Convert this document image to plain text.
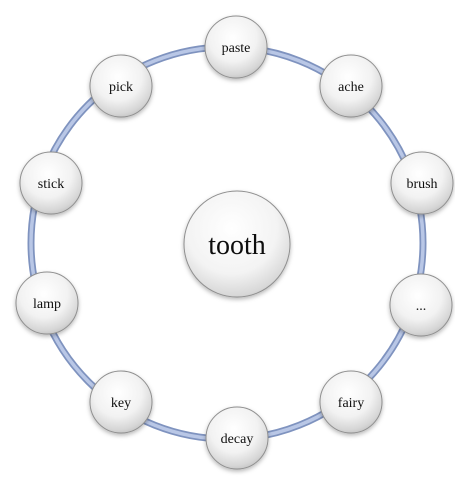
paste
ache
brush
...
fairy
decay
key
lamp
stick
pick
tooth
